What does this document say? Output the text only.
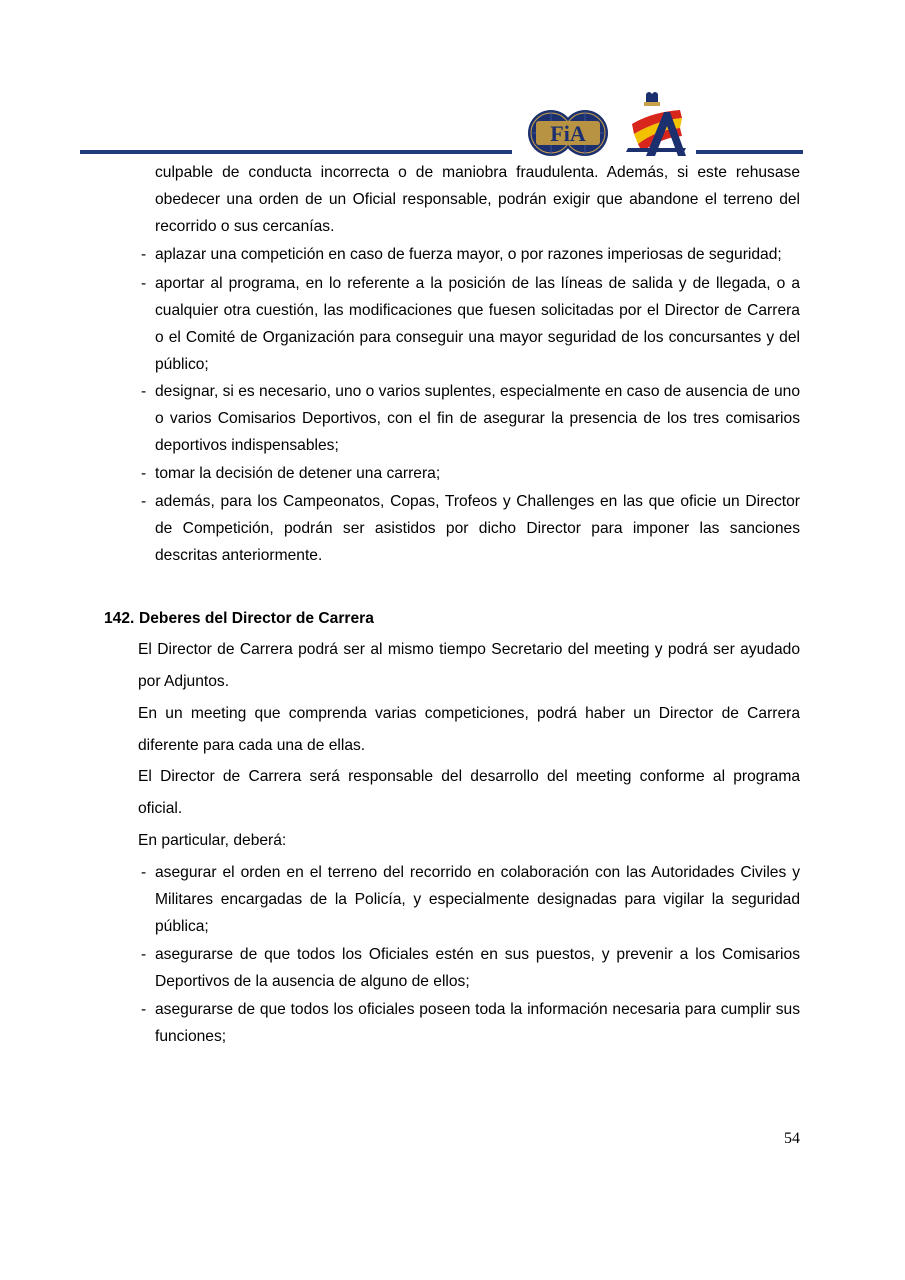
FiA
culpable de conducta incorrecta o de maniobra fraudulenta. Además, si este rehusase obedecer una orden de un Oficial responsable, podrán exigir que abandone el terreno del recorrido o sus cercanías.
- aplazar una competición en caso de fuerza mayor, o por razones imperiosas de seguridad;
- aportar al programa, en lo referente a la posición de las líneas de salida y de llegada, o a cualquier otra cuestión, las modificaciones que fuesen solicitadas por el Director de Carrera o el Comité de Organización para conseguir una mayor seguridad de los concursantes y del público;
- designar, si es necesario, uno o varios suplentes, especialmente en caso de ausencia de uno o varios Comisarios Deportivos, con el fin de asegurar la presencia de los tres comisarios deportivos indispensables;
- tomar la decisión de detener una carrera;
- además, para los Campeonatos, Copas, Trofeos y Challenges en las que oficie un Director de Competición, podrán ser asistidos por dicho Director para imponer las sanciones descritas anteriormente.
142. Deberes del Director de Carrera
El Director de Carrera podrá ser al mismo tiempo Secretario del meeting y podrá ser ayudado por Adjuntos.
En un meeting que comprenda varias competiciones, podrá haber un Director de Carrera diferente para cada una de ellas.
El Director de Carrera será responsable del desarrollo del meeting conforme al programa oficial.
En particular, deberá:
- asegurar el orden en el terreno del recorrido en colaboración con las Autoridades Civiles y Militares encargadas de la Policía, y especialmente designadas para vigilar la seguridad pública;
- asegurarse de que todos los Oficiales estén en sus puestos, y prevenir a los Comisarios Deportivos de la ausencia de alguno de ellos;
- asegurarse de que todos los oficiales poseen toda la información necesaria para cumplir sus funciones;
54
